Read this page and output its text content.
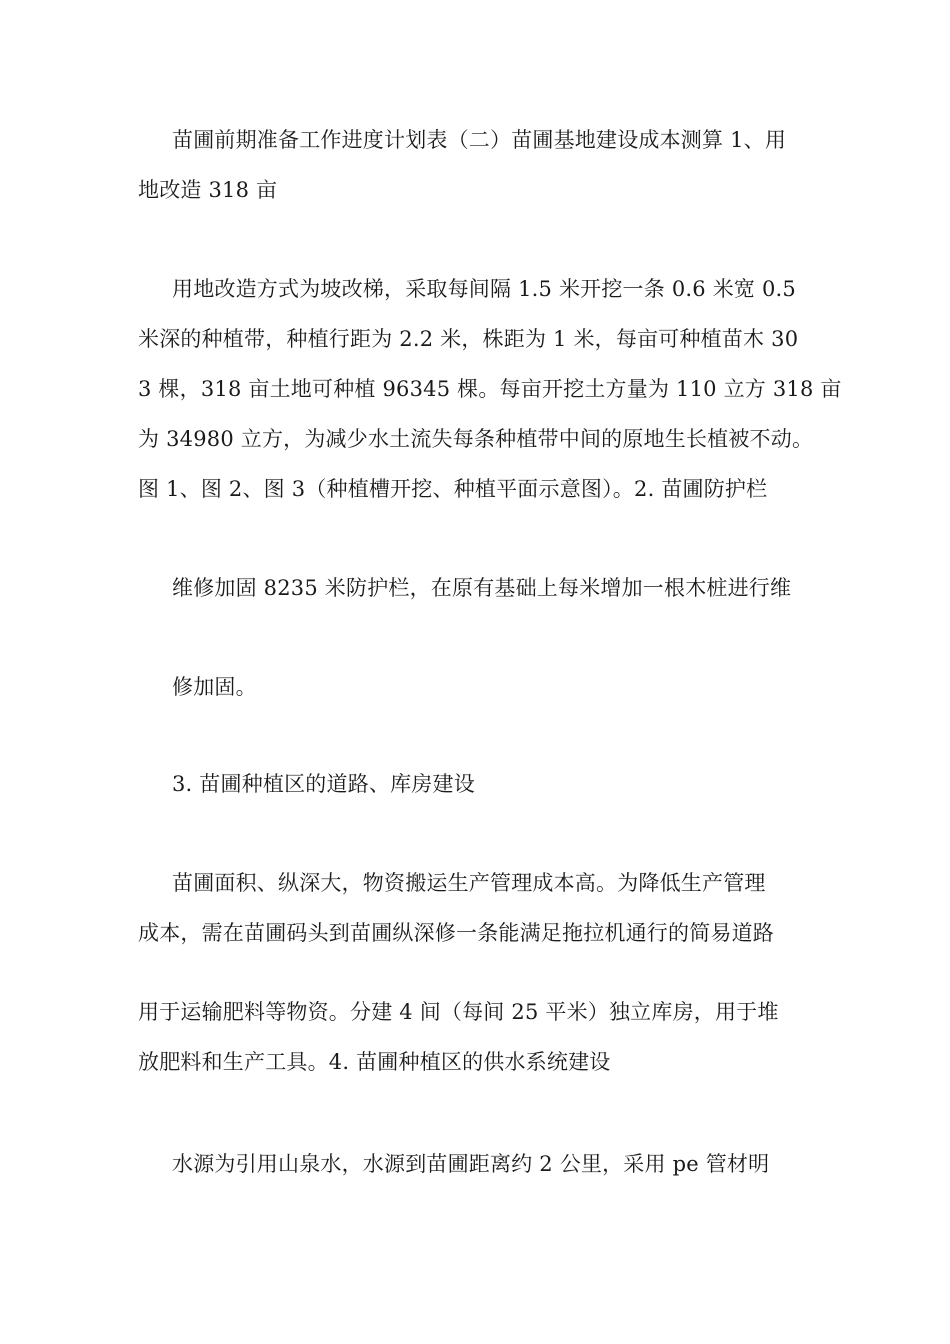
苗圃前期准备工作进度计划表（二）苗圃基地建设成本测算 1、用
地改造 318 亩
用地改造方式为坡改梯，采取每间隔 1.5 米开挖一条 0.6 米宽 0.5
米深的种植带，种植行距为 2.2 米，株距为 1 米，每亩可种植苗木 30
3 棵，318 亩土地可种植 96345 棵。每亩开挖土方量为 110 立方 318 亩
为 34980 立方，为减少水土流失每条种植带中间的原地生长植被不动。
图 1、图 2、图 3（种植槽开挖、种植平面示意图）。2. 苗圃防护栏
维修加固 8235 米防护栏，在原有基础上每米增加一根木桩进行维
修加固。
3. 苗圃种植区的道路、库房建设
苗圃面积、纵深大，物资搬运生产管理成本高。为降低生产管理
成本，需在苗圃码头到苗圃纵深修一条能满足拖拉机通行的简易道路
用于运输肥料等物资。分建 4 间（每间 25 平米）独立库房，用于堆
放肥料和生产工具。4. 苗圃种植区的供水系统建设
水源为引用山泉水，水源到苗圃距离约 2 公里，采用 pe 管材明
